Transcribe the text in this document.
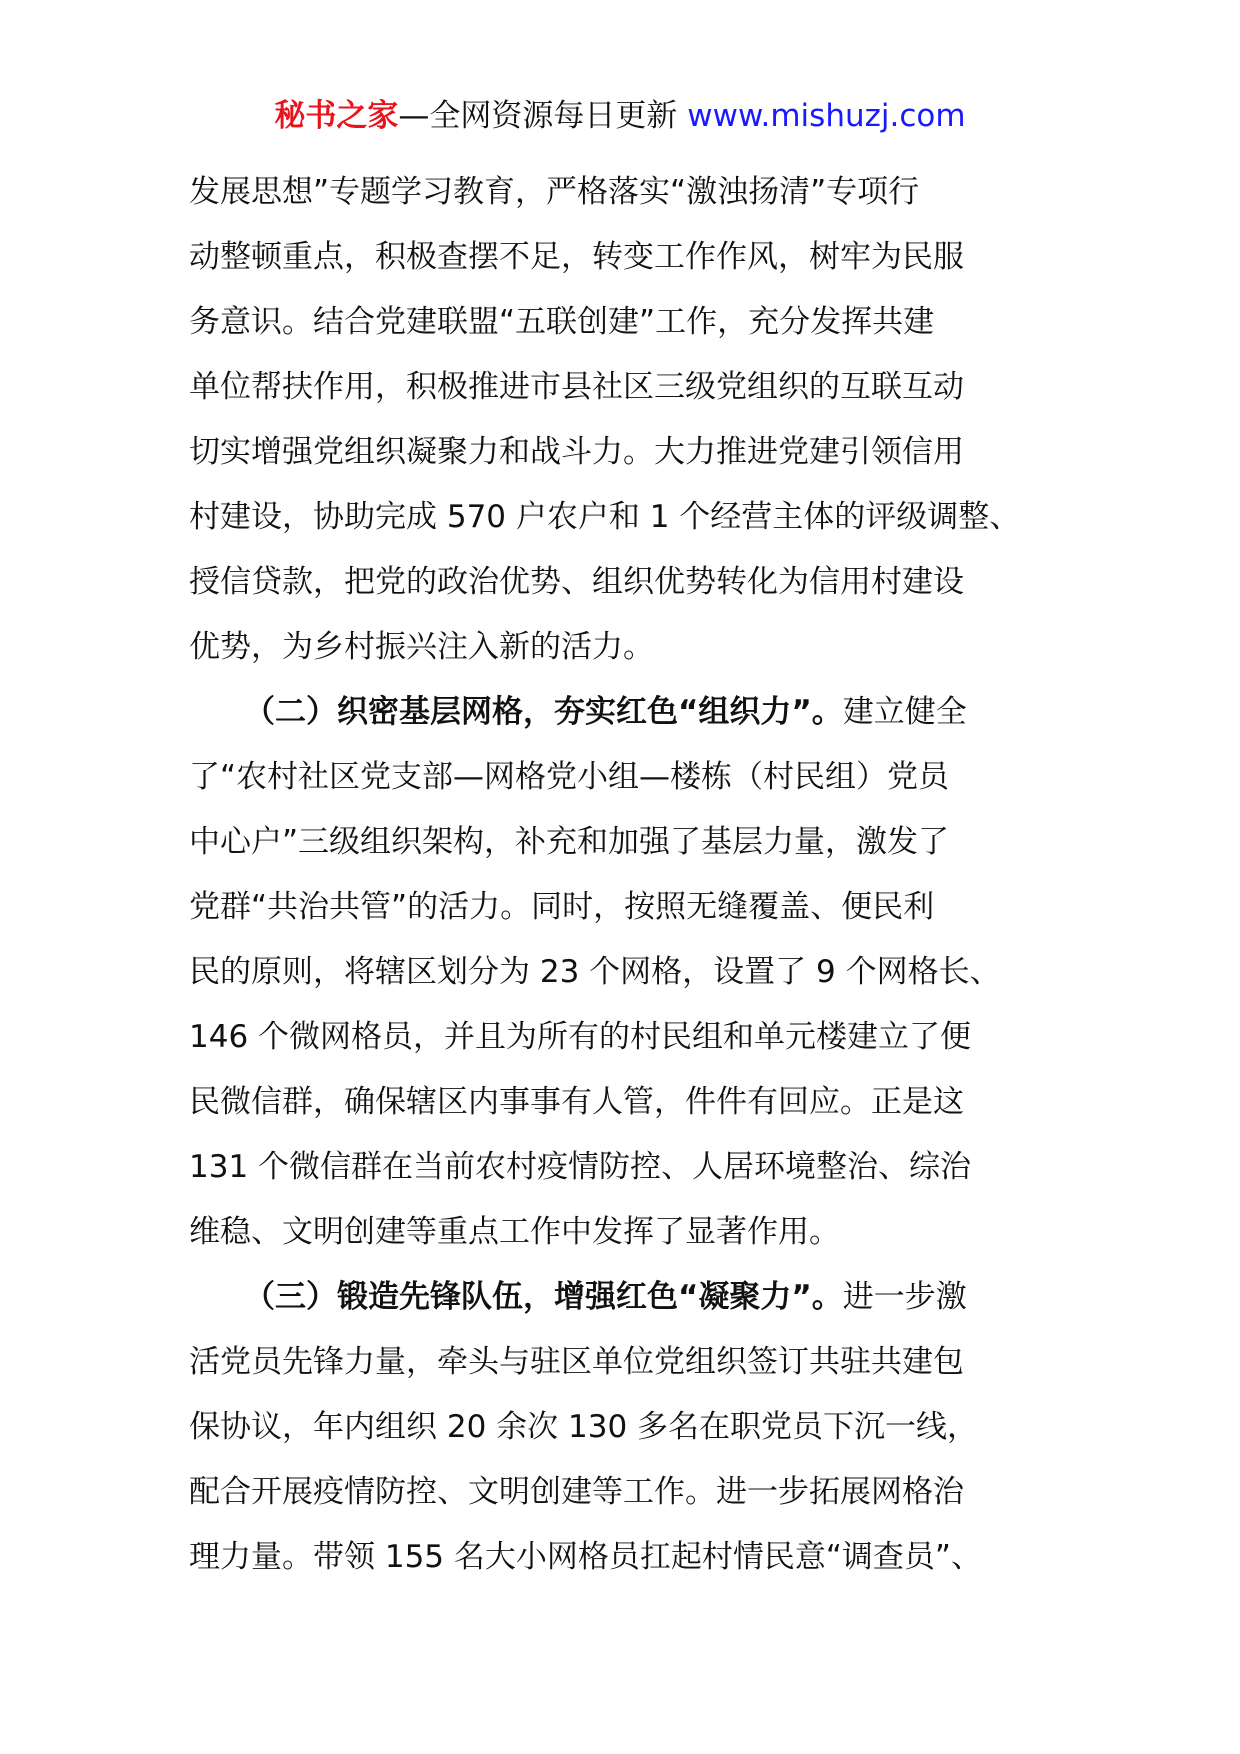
秘书之家—全网资源每日更新 www.mishuzj.com
发展思想”专题学习教育，严格落实“激浊扬清”专项行
动整顿重点，积极查摆不足，转变工作作风，树牢为民服
务意识。结合党建联盟“五联创建”工作，充分发挥共建
单位帮扶作用，积极推进市县社区三级党组织的互联互动
切实增强党组织凝聚力和战斗力。大力推进党建引领信用
村建设，协助完成 570 户农户和 1 个经营主体的评级调整、
授信贷款，把党的政治优势、组织优势转化为信用村建设
优势，为乡村振兴注入新的活力。
（二）织密基层网格，夯实红色“组织力”。建立健全
了“农村社区党支部—网格党小组—楼栋（村民组）党员
中心户”三级组织架构，补充和加强了基层力量，激发了
党群“共治共管”的活力。同时，按照无缝覆盖、便民利
民的原则，将辖区划分为 23 个网格，设置了 9 个网格长、
146 个微网格员，并且为所有的村民组和单元楼建立了便
民微信群，确保辖区内事事有人管，件件有回应。正是这
131 个微信群在当前农村疫情防控、人居环境整治、综治
维稳、文明创建等重点工作中发挥了显著作用。
（三）锻造先锋队伍，增强红色“凝聚力”。进一步激
活党员先锋力量，牵头与驻区单位党组织签订共驻共建包
保协议，年内组织 20 余次 130 多名在职党员下沉一线，
配合开展疫情防控、文明创建等工作。进一步拓展网格治
理力量。带领 155 名大小网格员扛起村情民意“调查员”、
